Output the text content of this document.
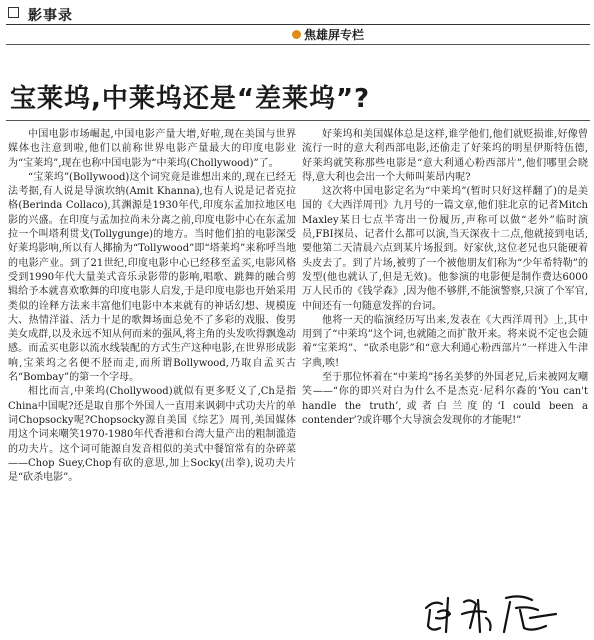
影事录
焦雄屏专栏
宝莱坞,中莱坞还是“差莱坞”?

中国电影市场崛起,中国电影产量大增,好啦,现在美国与世界媒体也注意到啦,他们以前称世界电影产量最大的印度电影业为“宝莱坞”,现在也称中国电影为“中莱坞(Chollywood)”了。

“宝莱坞”(Bollywood)这个词究竟是谁想出来的,现在已经无法考据,有人说是导演坎纳(Amit Khanna),也有人说是记者克拉格(Berinda Collaco),其渊源是1930年代,印度东孟加拉地区电影的兴盛。在印度与孟加拉尚未分离之前,印度电影中心在东孟加拉一个叫塔利贯戈(Tollygunge)的地方。当时他们拍的电影深受好莱坞影响,所以有人揶揄为“Tollywood”即“塔莱坞”来称呼当地的电影产业。到了21世纪,印度电影中心已经移至孟买,电影风格受到1990年代大量美式音乐录影带的影响,唱歌、跳舞的融合剪辑给予本就喜欢歌舞的印度电影人启发,于是印度电影也开始采用类似的诠释方法来丰富他们电影中本来就有的神话幻想、规模庞大、热情洋溢、活力十足的歌舞场面总免不了多彩的戏服、俊男美女成群,以及永远不知从何而来的强风,将主角的头发吹得飘逸动感。而孟买电影以流水线装配的方式生产这种电影,在世界形成影响,宝莱坞之名便不胫而走,而所谓Bollywood,乃取自孟买古名“Bombay”的第一个字母。

相比而言,中莱坞(Chollywood)就似有更多贬义了,Ch是指China中国呢?还是取自那个外国人一直用来讽刺中式功夫片的单词Chopsocky呢?Chopsocky源自美国《综艺》周刊,美国媒体用这个词来嘲笑1970-1980年代香港和台湾大量产出的粗制滥造的功夫片。这个词可能源自发音相似的美式中餐馆常有的杂碎菜——Chop Suey,Chop有砍的意思,加上Socky(出拳),说功夫片是“砍杀电影”。

好莱坞和美国媒体总是这样,谁学他们,他们就贬损谁,好像曾流行一时的意大利西部电影,还偷走了好莱坞的明星伊斯特伍德,好莱坞就笑称那些电影是“意大利通心粉西部片”,他们哪里会晓得,意大利也会出一个大师叫莱昂内呢?

这次将中国电影定名为“中莱坞”(暂时只好这样翻了)的是美国的《大西洋周刊》九月号的一篇文章,他们驻北京的记者Mitch Maxley某日七点半寄出一份履历,声称可以做“老外”临时演员,FBI探员、记者什么都可以演,当天深夜十二点,他就接到电话,要他第二天清晨六点到某片场报到。好家伙,这位老兄也只能硬着头皮去了。到了片场,被剪了一个被他朋友们称为“少年希特勒”的发型(他也就认了,但是无效)。他参演的电影便是制作费达6000万人民币的《钱学森》,因为他不够胖,不能演警察,只演了个军官,中间还有一句随意发挥的台词。

他将一天的临演经历写出来,发表在《大西洋周刊》上,其中用到了“中莱坞”这个词,也就随之而扩散开来。将来说不定也会随着“宝莱坞”、“砍杀电影”和“意大利通心粉西部片”一样进入牛津字典,唉!

至于那位怀着在“中莱坞”扬名美梦的外国老兄,后来被网友嘲笑——“你的即兴对白为什么不是杰克·尼科尔森的‘You can't handle the truth’,或者白兰度的‘I could been a contender’?或许哪个大导演会发现你的才能呢!”
